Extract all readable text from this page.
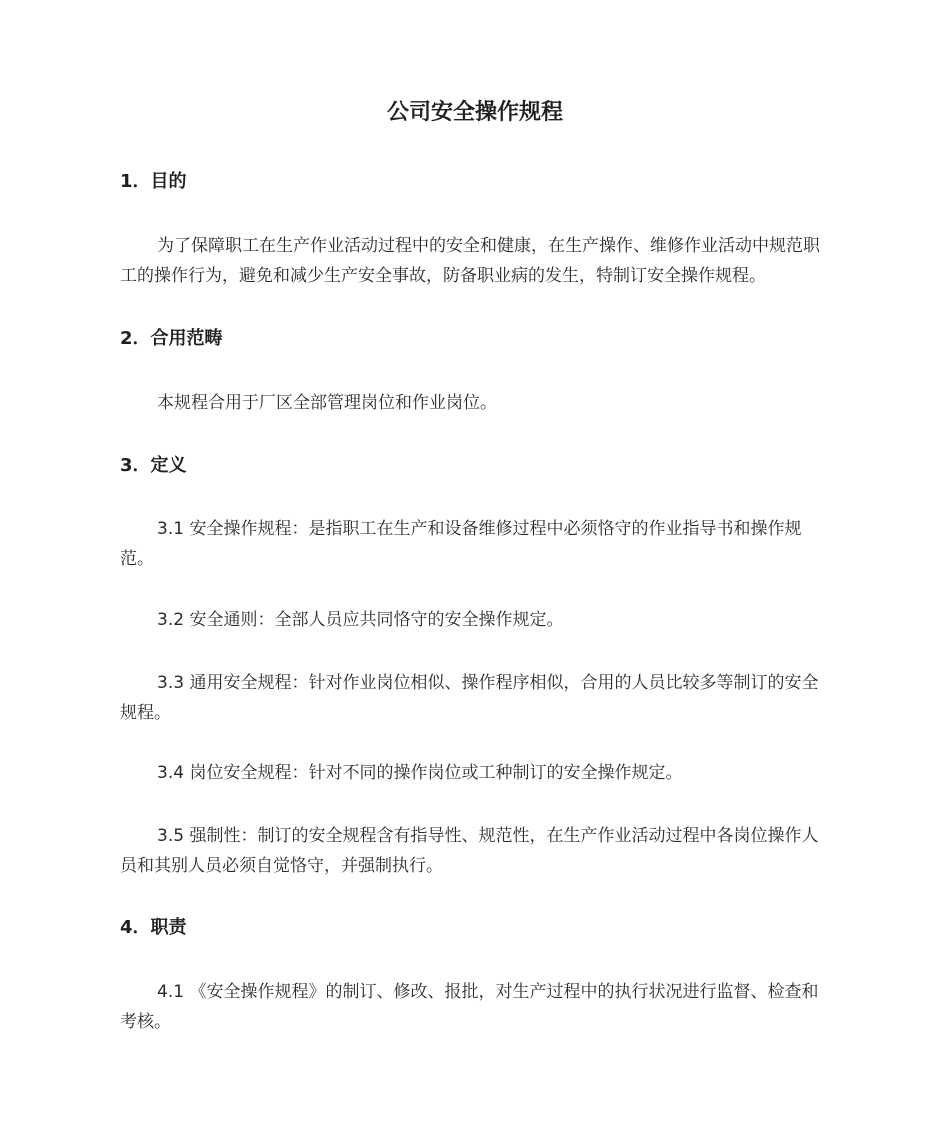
公司安全操作规程
1．目的

为了保障职工在生产作业活动过程中的安全和健康，在生产操作、维修作业活动中规范职工的操作行为，避免和减少生产安全事故，防备职业病的发生，特制订安全操作规程。

2．合用范畴

本规程合用于厂区全部管理岗位和作业岗位。

3．定义

3.1 安全操作规程：是指职工在生产和设备维修过程中必须恪守的作业指导书和操作规范。

3.2 安全通则：全部人员应共同恪守的安全操作规定。

3.3 通用安全规程：针对作业岗位相似、操作程序相似，合用的人员比较多等制订的安全规程。

3.4 岗位安全规程：针对不同的操作岗位或工种制订的安全操作规定。

3.5 强制性：制订的安全规程含有指导性、规范性，在生产作业活动过程中各岗位操作人员和其别人员必须自觉恪守，并强制执行。

4．职责

4.1 《安全操作规程》的制订、修改、报批，对生产过程中的执行状况进行监督、检查和考核。
